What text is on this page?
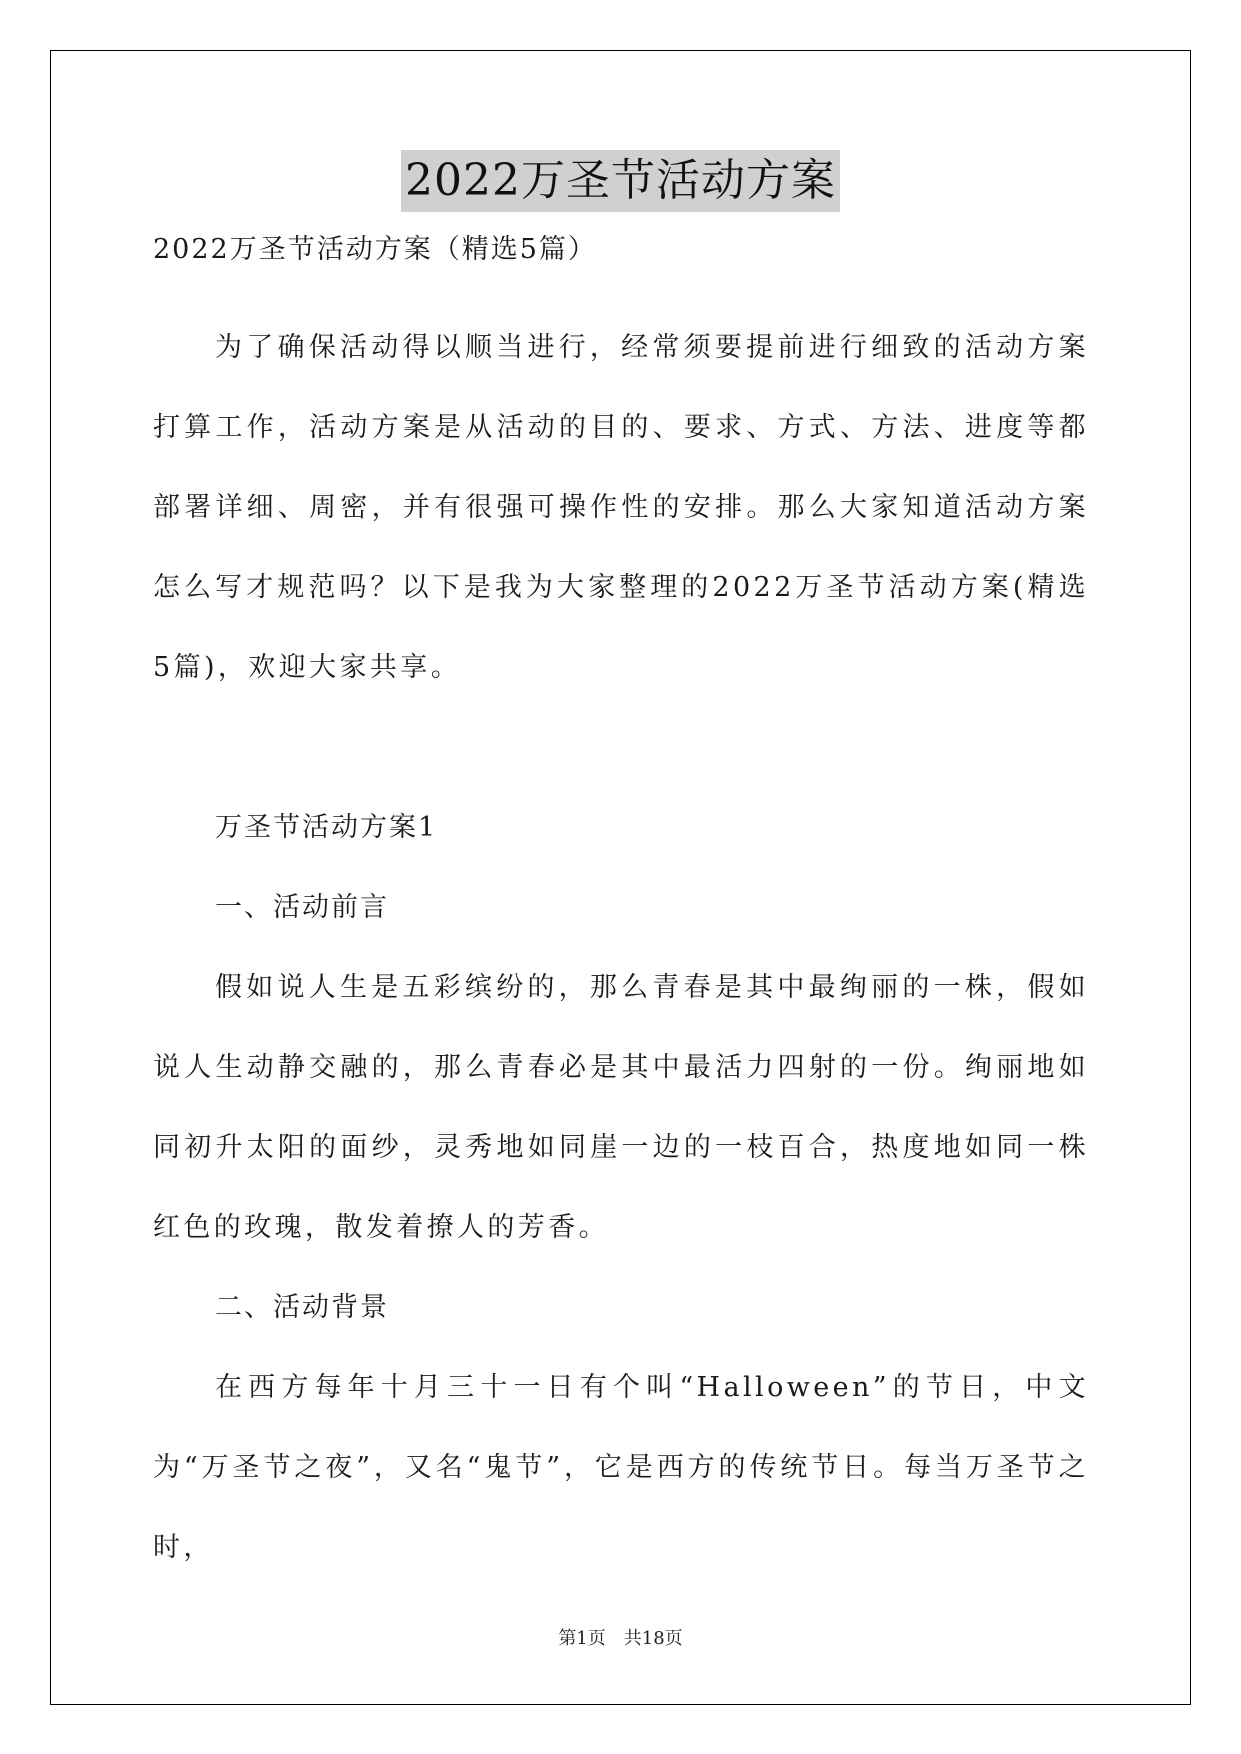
2022万圣节活动方案

2022万圣节活动方案（精选5篇）

为了确保活动得以顺当进行，经常须要提前进行细致的活动方案打算工作，活动方案是从活动的目的、要求、方式、方法、进度等都部署详细、周密，并有很强可操作性的安排。那么大家知道活动方案怎么写才规范吗？以下是我为大家整理的2022万圣节活动方案(精选5篇)，欢迎大家共享。

万圣节活动方案1

一、活动前言

假如说人生是五彩缤纷的，那么青春是其中最绚丽的一株，假如说人生动静交融的，那么青春必是其中最活力四射的一份。绚丽地如同初升太阳的面纱，灵秀地如同崖一边的一枝百合，热度地如同一株红色的玫瑰，散发着撩人的芳香。

二、活动背景

在西方每年十月三十一日有个叫“Halloween”的节日，中文为“万圣节之夜”，又名“鬼节”，它是西方的传统节日。每当万圣节之时，

第1页 共18页
